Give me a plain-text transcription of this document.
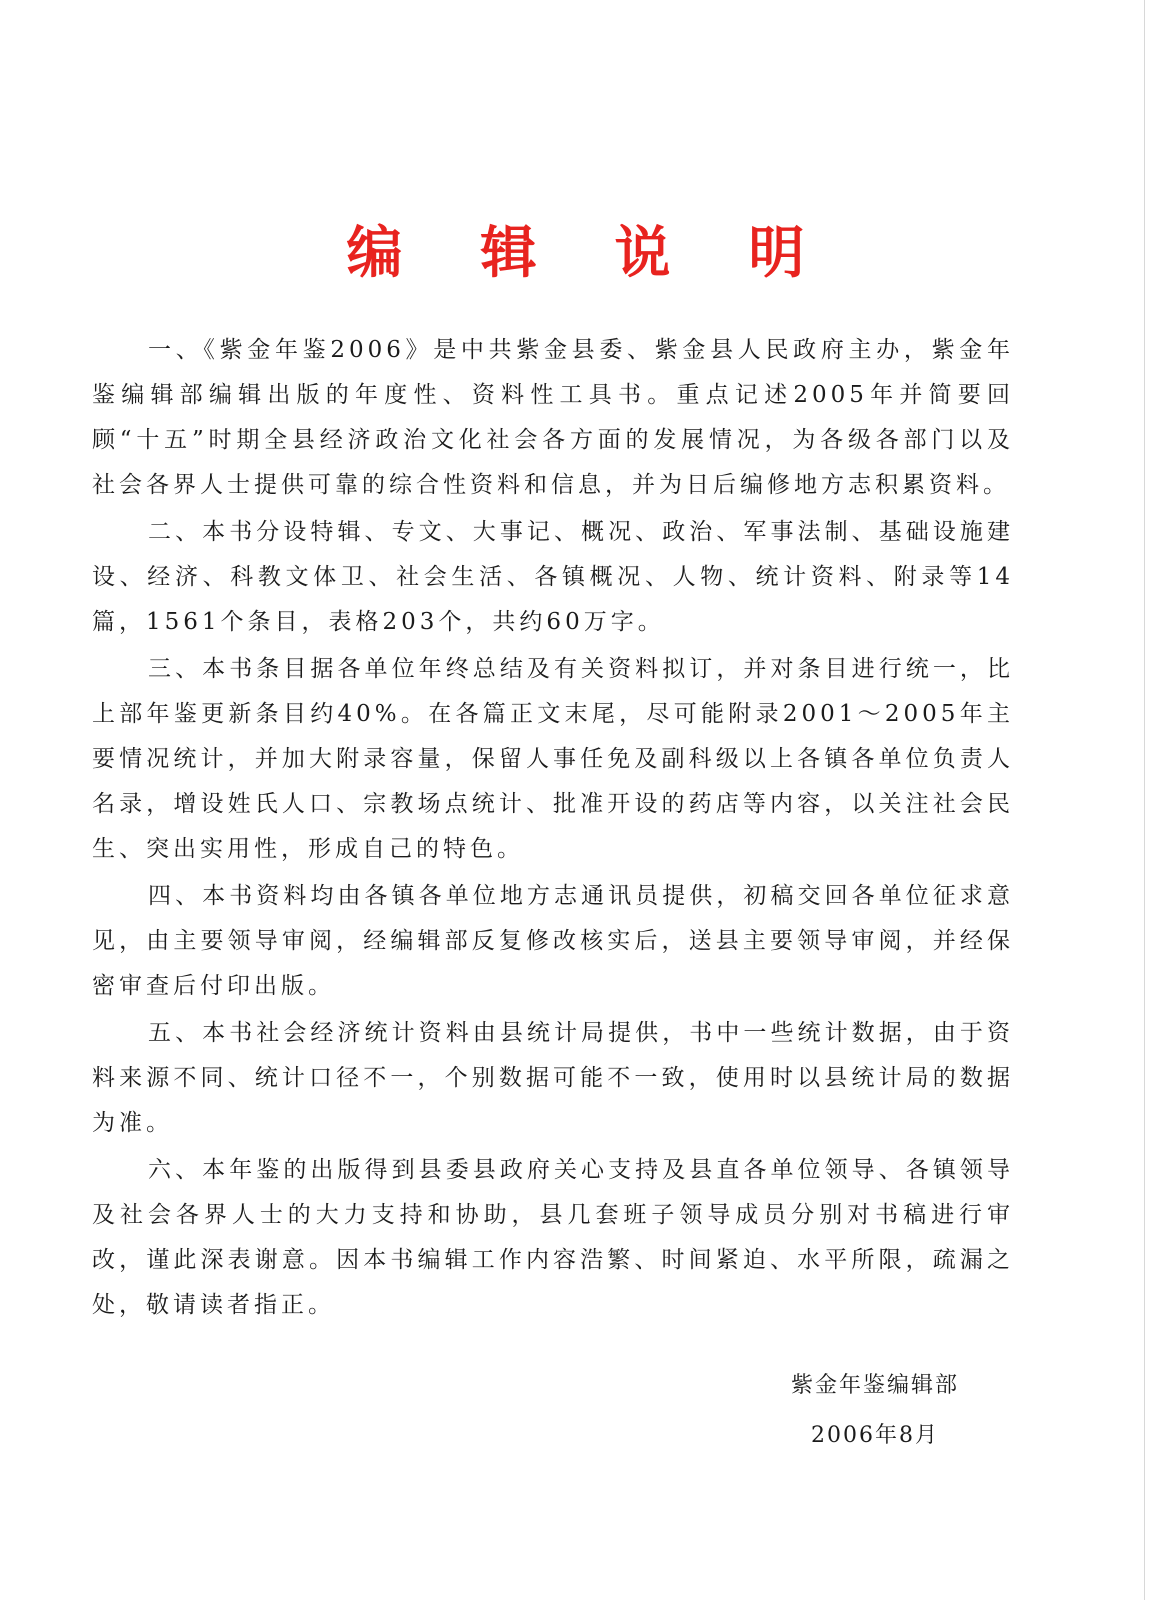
编辑说明

一、《紫金年鉴2006》是中共紫金县委、紫金县人民政府主办，紫金年鉴编辑部编辑出版的年度性、资料性工具书。重点记述2005年并简要回顾“十五”时期全县经济政治文化社会各方面的发展情况，为各级各部门以及社会各界人士提供可靠的综合性资料和信息，并为日后编修地方志积累资料。

二、本书分设特辑、专文、大事记、概况、政治、军事法制、基础设施建设、经济、科教文体卫、社会生活、各镇概况、人物、统计资料、附录等14篇，1561个条目，表格203个，共约60万字。

三、本书条目据各单位年终总结及有关资料拟订，并对条目进行统一，比上部年鉴更新条目约40%。在各篇正文末尾，尽可能附录2001～2005年主要情况统计，并加大附录容量，保留人事任免及副科级以上各镇各单位负责人名录，增设姓氏人口、宗教场点统计、批准开设的药店等内容，以关注社会民生、突出实用性，形成自己的特色。

四、本书资料均由各镇各单位地方志通讯员提供，初稿交回各单位征求意见，由主要领导审阅，经编辑部反复修改核实后，送县主要领导审阅，并经保密审查后付印出版。

五、本书社会经济统计资料由县统计局提供，书中一些统计数据，由于资料来源不同、统计口径不一，个别数据可能不一致，使用时以县统计局的数据为准。

六、本年鉴的出版得到县委县政府关心支持及县直各单位领导、各镇领导及社会各界人士的大力支持和协助，县几套班子领导成员分别对书稿进行审改，谨此深表谢意。因本书编辑工作内容浩繁、时间紧迫、水平所限，疏漏之处，敬请读者指正。

紫金年鉴编辑部
2006年8月
